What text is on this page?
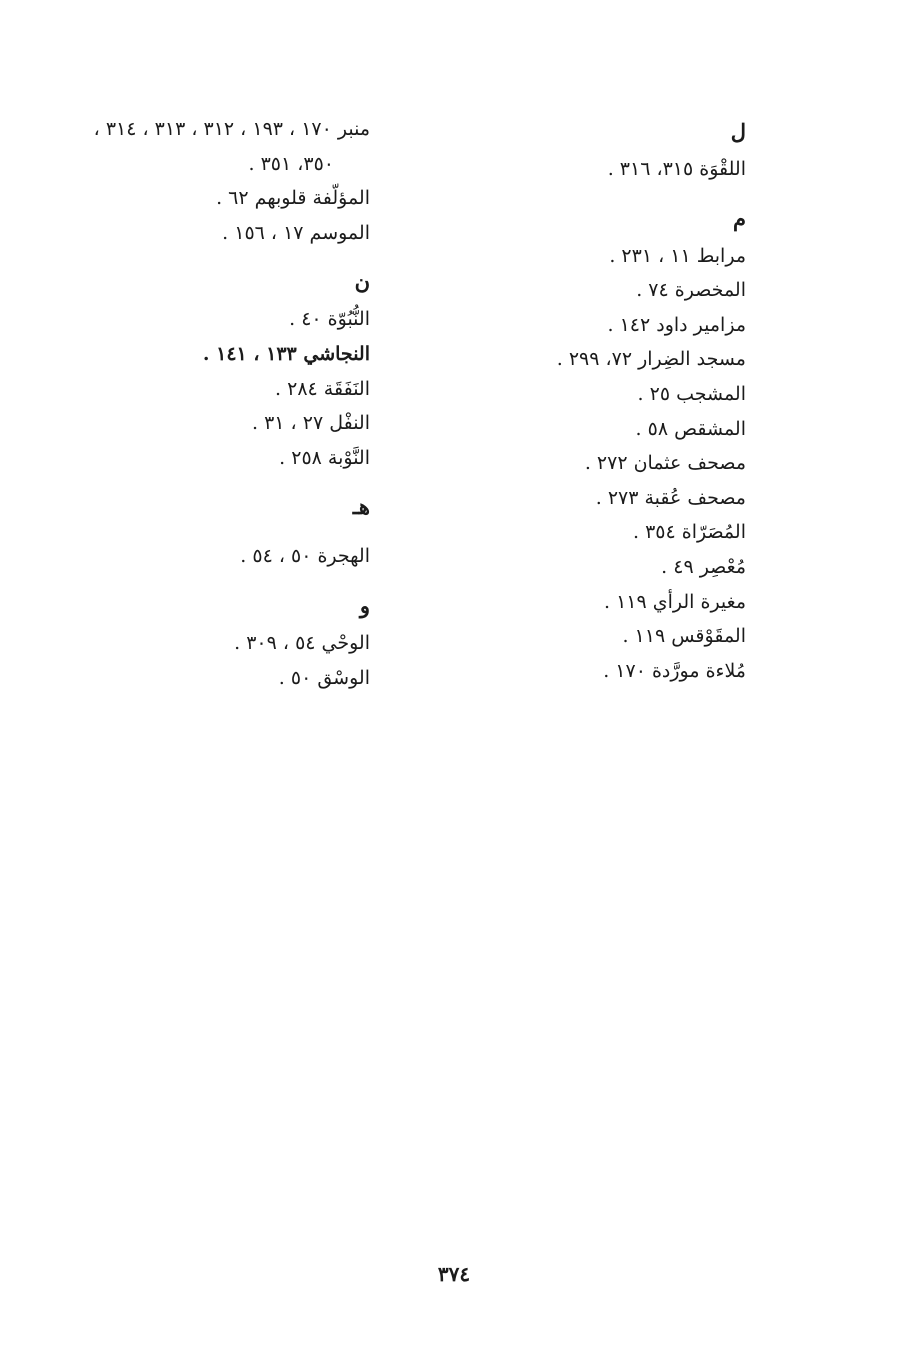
ل
اللقْوَة ٣١٥، ٣١٦ .
م
مرابط ١١ ، ٢٣١ .
المخصرة ٧٤ .
مزامير داود ١٤٢ .
مسجد الضِرار ٧٢، ٢٩٩ .
المشجب ٢٥ .
المشقص ٥٨ .
مصحف عثمان ٢٧٢ .
مصحف عُقبة ٢٧٣ .
المُصَرّاة ٣٥٤ .
مُعْصِر ٤٩ .
مغيرة الرأي ١١٩ .
المقَوْقس ١١٩ .
مُلاءة مورَّدة ١٧٠ .
منبر ١٧٠ ، ١٩٣ ، ٣١٢ ، ٣١٣ ، ٣١٤ ،
٣٥٠، ٣٥١ .
المؤلّفة قلوبهم ٦٢ .
الموسم ١٧ ، ١٥٦ .
ن
النُّبُوّة ٤٠ .
النجاشي ١٣٣ ، ١٤١ .
النَفَقَة ٢٨٤ .
النفْل ٢٧ ، ٣١ .
النَّوْبة ٢٥٨ .
هـ
الهجرة ٥٠ ، ٥٤ .
و
الوحْي ٥٤ ، ٣٠٩ .
الوسْق ٥٠ .
٣٧٤
